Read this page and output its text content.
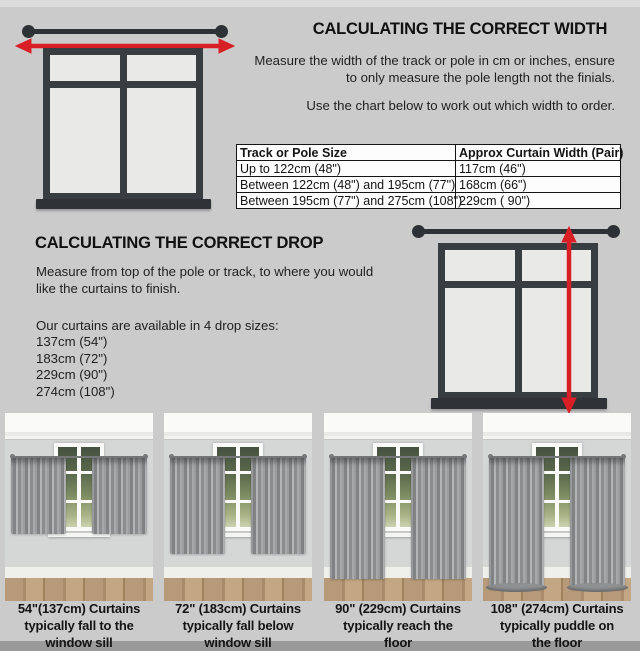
CALCULATING THE CORRECT WIDTH
Measure the width of the track or pole in cm or inches, ensure
to only measure the pole length not the finials.
Use the chart below to work out which width to order.
Track or Pole Size	Approx Curtain Width (Pair)
Up to 122cm (48")	117cm (46")
Between 122cm (48") and 195cm (77")	168cm (66")
Between 195cm (77") and 275cm (108")	229cm ( 90")
CALCULATING THE CORRECT DROP
Measure from top of the pole or track, to where you would
like the curtains to finish.
Our curtains are available in 4 drop sizes:
137cm (54")
183cm (72")
229cm (90")
274cm (108")
54"(137cm) Curtains
typically fall to the
window sill
72" (183cm) Curtains
typically fall below
window sill
90" (229cm) Curtains
typically reach the
floor
108" (274cm) Curtains
typically puddle on
the floor
